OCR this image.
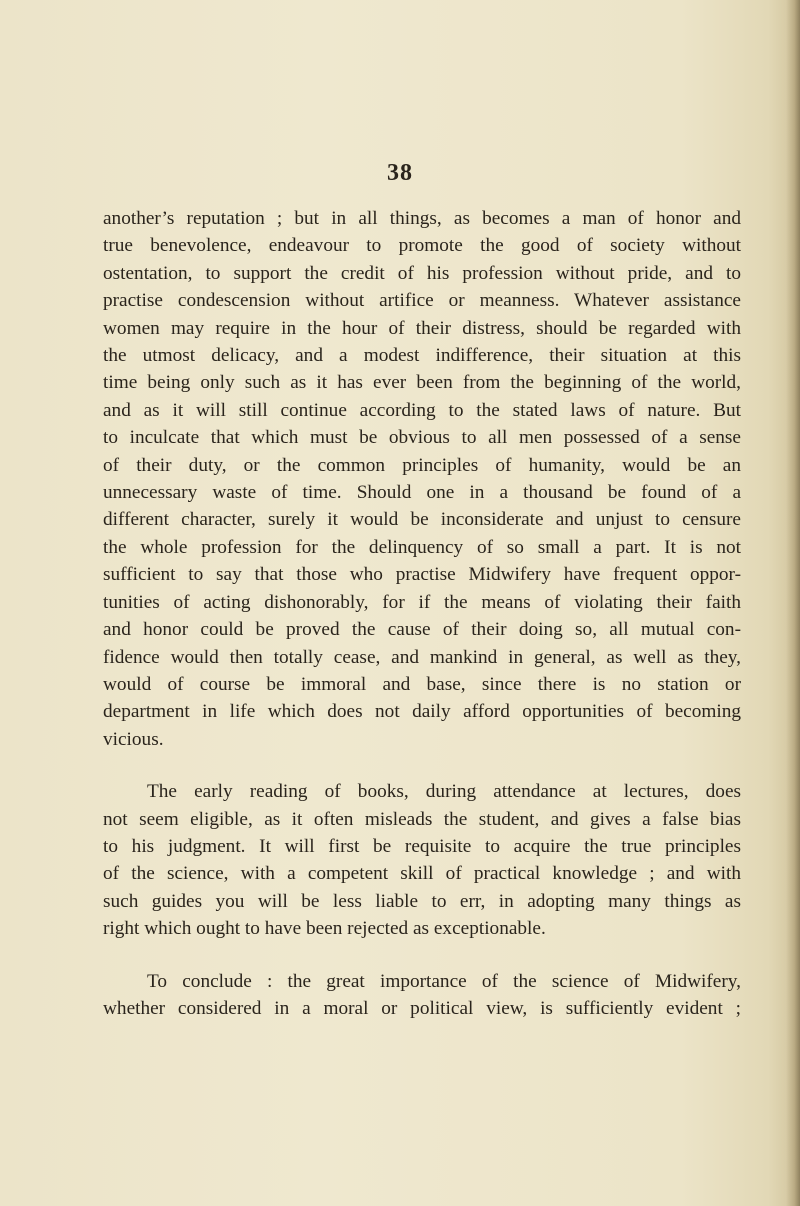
38
another’s reputation ; but in all things, as becomes a man of honor and
true benevolence, endeavour to promote the good of society without
ostentation, to support the credit of his profession without pride, and to
practise condescension without artifice or meanness. Whatever assistance
women may require in the hour of their distress, should be regarded with
the utmost delicacy, and a modest indifference, their situation at this
time being only such as it has ever been from the beginning of the world,
and as it will still continue according to the stated laws of nature. But
to inculcate that which must be obvious to all men possessed of a sense
of their duty, or the common principles of humanity, would be an
unnecessary waste of time. Should one in a thousand be found of a
different character, surely it would be inconsiderate and unjust to censure
the whole profession for the delinquency of so small a part. It is not
sufficient to say that those who practise Midwifery have frequent oppor-
tunities of acting dishonorably, for if the means of violating their faith
and honor could be proved the cause of their doing so, all mutual con-
fidence would then totally cease, and mankind in general, as well as they,
would of course be immoral and base, since there is no station or
department in life which does not daily afford opportunities of becoming
vicious.
The early reading of books, during attendance at lectures, does
not seem eligible, as it often misleads the student, and gives a false bias
to his judgment. It will first be requisite to acquire the true principles
of the science, with a competent skill of practical knowledge ; and with
such guides you will be less liable to err, in adopting many things as
right which ought to have been rejected as exceptionable.
To conclude : the great importance of the science of Midwifery,
whether considered in a moral or political view, is sufficiently evident ;
